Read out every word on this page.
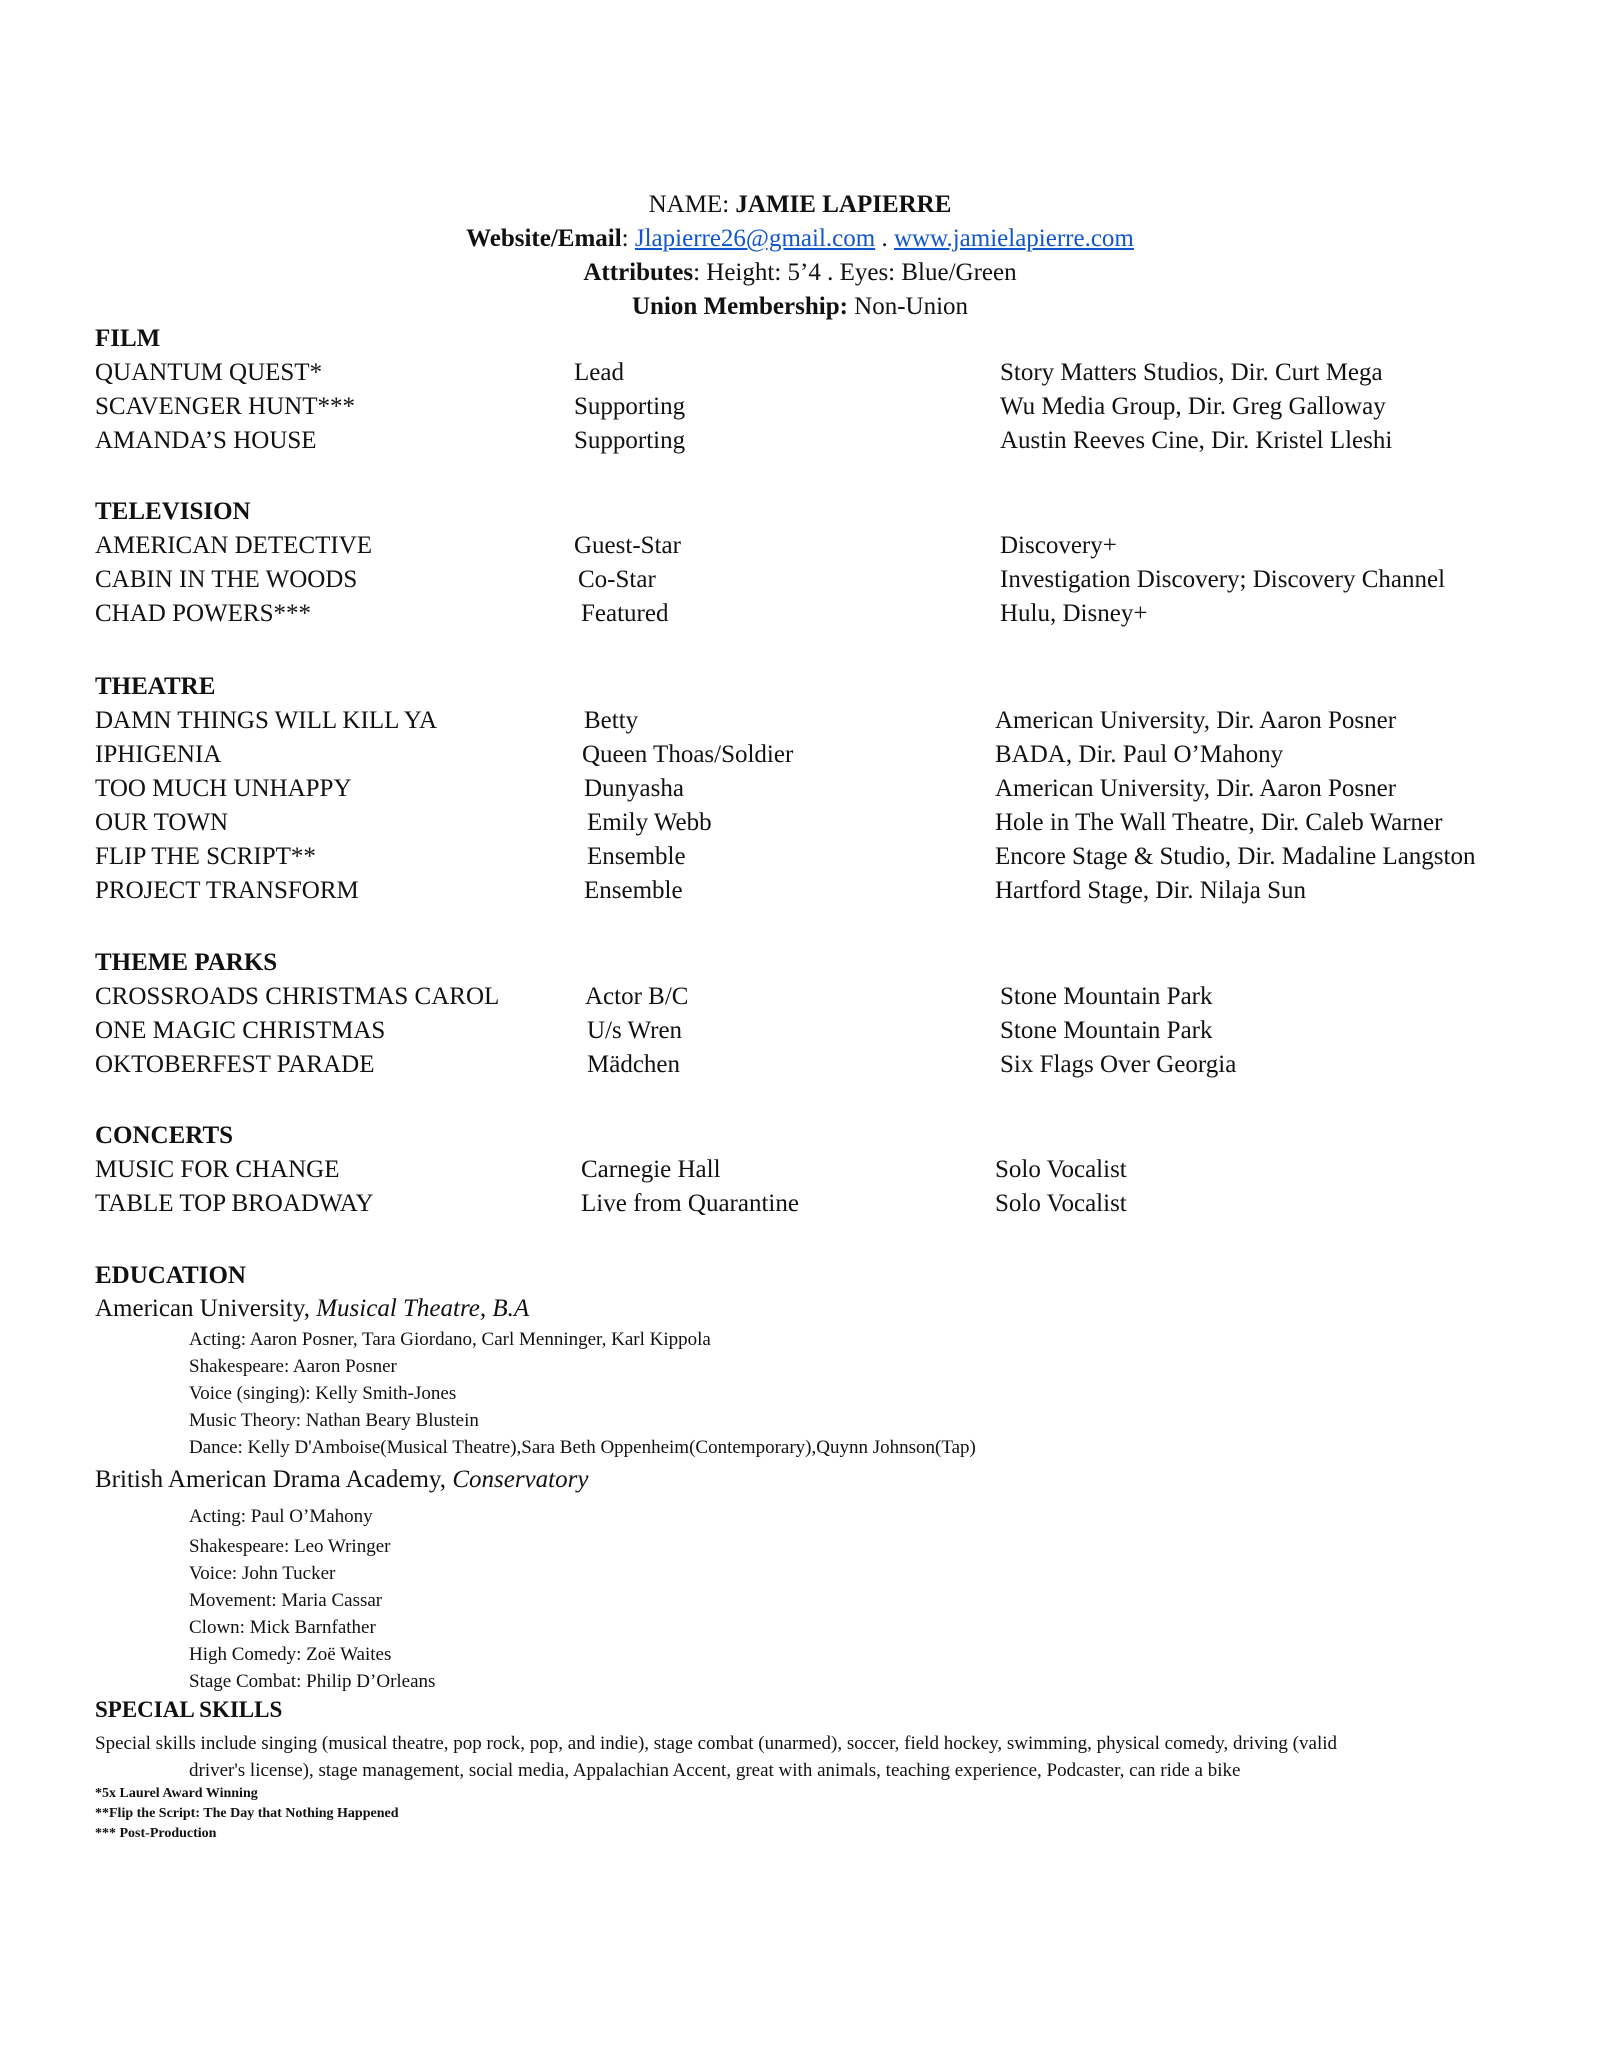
NAME: JAMIE LAPIERRE
Website/Email: Jlapierre26@gmail.com . www.jamielapierre.com
Attributes: Height: 5’4 . Eyes: Blue/Green
Union Membership: Non-Union
FILM
QUANTUM QUEST*	Lead	Story Matters Studios, Dir. Curt Mega
SCAVENGER HUNT***	Supporting	Wu Media Group, Dir. Greg Galloway
AMANDA’S HOUSE	Supporting	Austin Reeves Cine, Dir. Kristel Lleshi
TELEVISION
AMERICAN DETECTIVE	Guest-Star	Discovery+
CABIN IN THE WOODS	Co-Star	Investigation Discovery; Discovery Channel
CHAD POWERS***	Featured	Hulu, Disney+
THEATRE
DAMN THINGS WILL KILL YA	Betty	American University, Dir. Aaron Posner
IPHIGENIA	Queen Thoas/Soldier	BADA, Dir. Paul O’Mahony
TOO MUCH UNHAPPY	Dunyasha	American University, Dir. Aaron Posner
OUR TOWN	Emily Webb	Hole in The Wall Theatre, Dir. Caleb Warner
FLIP THE SCRIPT**	Ensemble	Encore Stage & Studio, Dir. Madaline Langston
PROJECT TRANSFORM	Ensemble	Hartford Stage, Dir. Nilaja Sun
THEME PARKS
CROSSROADS CHRISTMAS CAROL	Actor B/C	Stone Mountain Park
ONE MAGIC CHRISTMAS	U/s Wren	Stone Mountain Park
OKTOBERFEST PARADE	Mädchen	Six Flags Over Georgia
CONCERTS
MUSIC FOR CHANGE	Carnegie Hall	Solo Vocalist
TABLE TOP BROADWAY	Live from Quarantine	Solo Vocalist
EDUCATION
American University, Musical Theatre, B.A
Acting: Aaron Posner, Tara Giordano, Carl Menninger, Karl Kippola
Shakespeare: Aaron Posner
Voice (singing): Kelly Smith-Jones
Music Theory: Nathan Beary Blustein
Dance: Kelly D'Amboise(Musical Theatre),Sara Beth Oppenheim(Contemporary),Quynn Johnson(Tap)
British American Drama Academy, Conservatory
Acting: Paul O’Mahony
Shakespeare: Leo Wringer
Voice: John Tucker
Movement: Maria Cassar
Clown: Mick Barnfather
High Comedy: Zoë Waites
Stage Combat: Philip D’Orleans
SPECIAL SKILLS
Special skills include singing (musical theatre, pop rock, pop, and indie), stage combat (unarmed), soccer, field hockey, swimming, physical comedy, driving (valid
driver's license), stage management, social media, Appalachian Accent, great with animals, teaching experience, Podcaster, can ride a bike
*5x Laurel Award Winning
**Flip the Script: The Day that Nothing Happened
*** Post-Production
